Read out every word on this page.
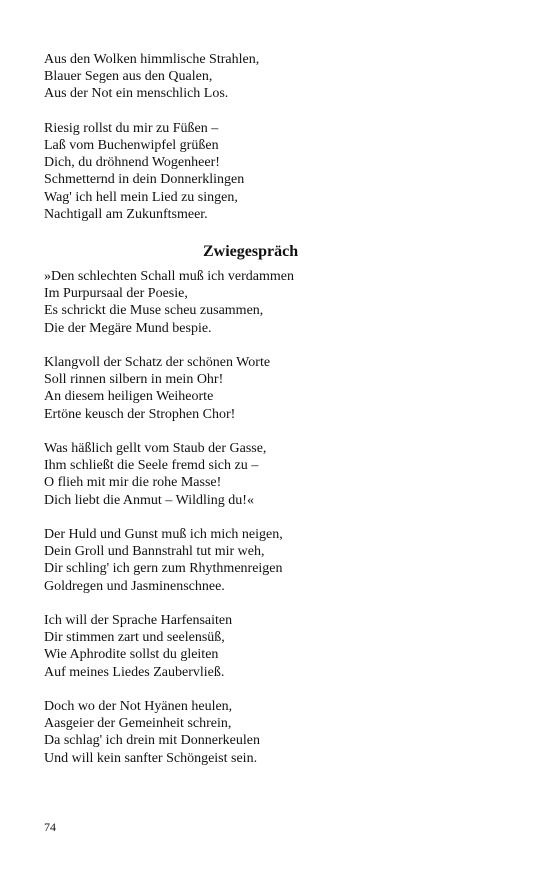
Aus den Wolken himmlische Strahlen,
Blauer Segen aus den Qualen,
Aus der Not ein menschlich Los.
Riesig rollst du mir zu Füßen –
Laß vom Buchenwipfel grüßen
Dich, du dröhnend Wogenheer!
Schmetternd in dein Donnerklingen
Wag' ich hell mein Lied zu singen,
Nachtigall am Zukunftsmeer.
Zwiegespräch
»Den schlechten Schall muß ich verdammen
Im Purpursaal der Poesie,
Es schrickt die Muse scheu zusammen,
Die der Megäre Mund bespie.
Klangvoll der Schatz der schönen Worte
Soll rinnen silbern in mein Ohr!
An diesem heiligen Weiheorte
Ertöne keusch der Strophen Chor!
Was häßlich gellt vom Staub der Gasse,
Ihm schließt die Seele fremd sich zu –
O flieh mit mir die rohe Masse!
Dich liebt die Anmut – Wildling du!«
Der Huld und Gunst muß ich mich neigen,
Dein Groll und Bannstrahl tut mir weh,
Dir schling' ich gern zum Rhythmenreigen
Goldregen und Jasminenschnee.
Ich will der Sprache Harfensaiten
Dir stimmen zart und seelensüß,
Wie Aphrodite sollst du gleiten
Auf meines Liedes Zaubervließ.
Doch wo der Not Hyänen heulen,
Aasgeier der Gemeinheit schrein,
Da schlag' ich drein mit Donnerkeulen
Und will kein sanfter Schöngeist sein.
74
